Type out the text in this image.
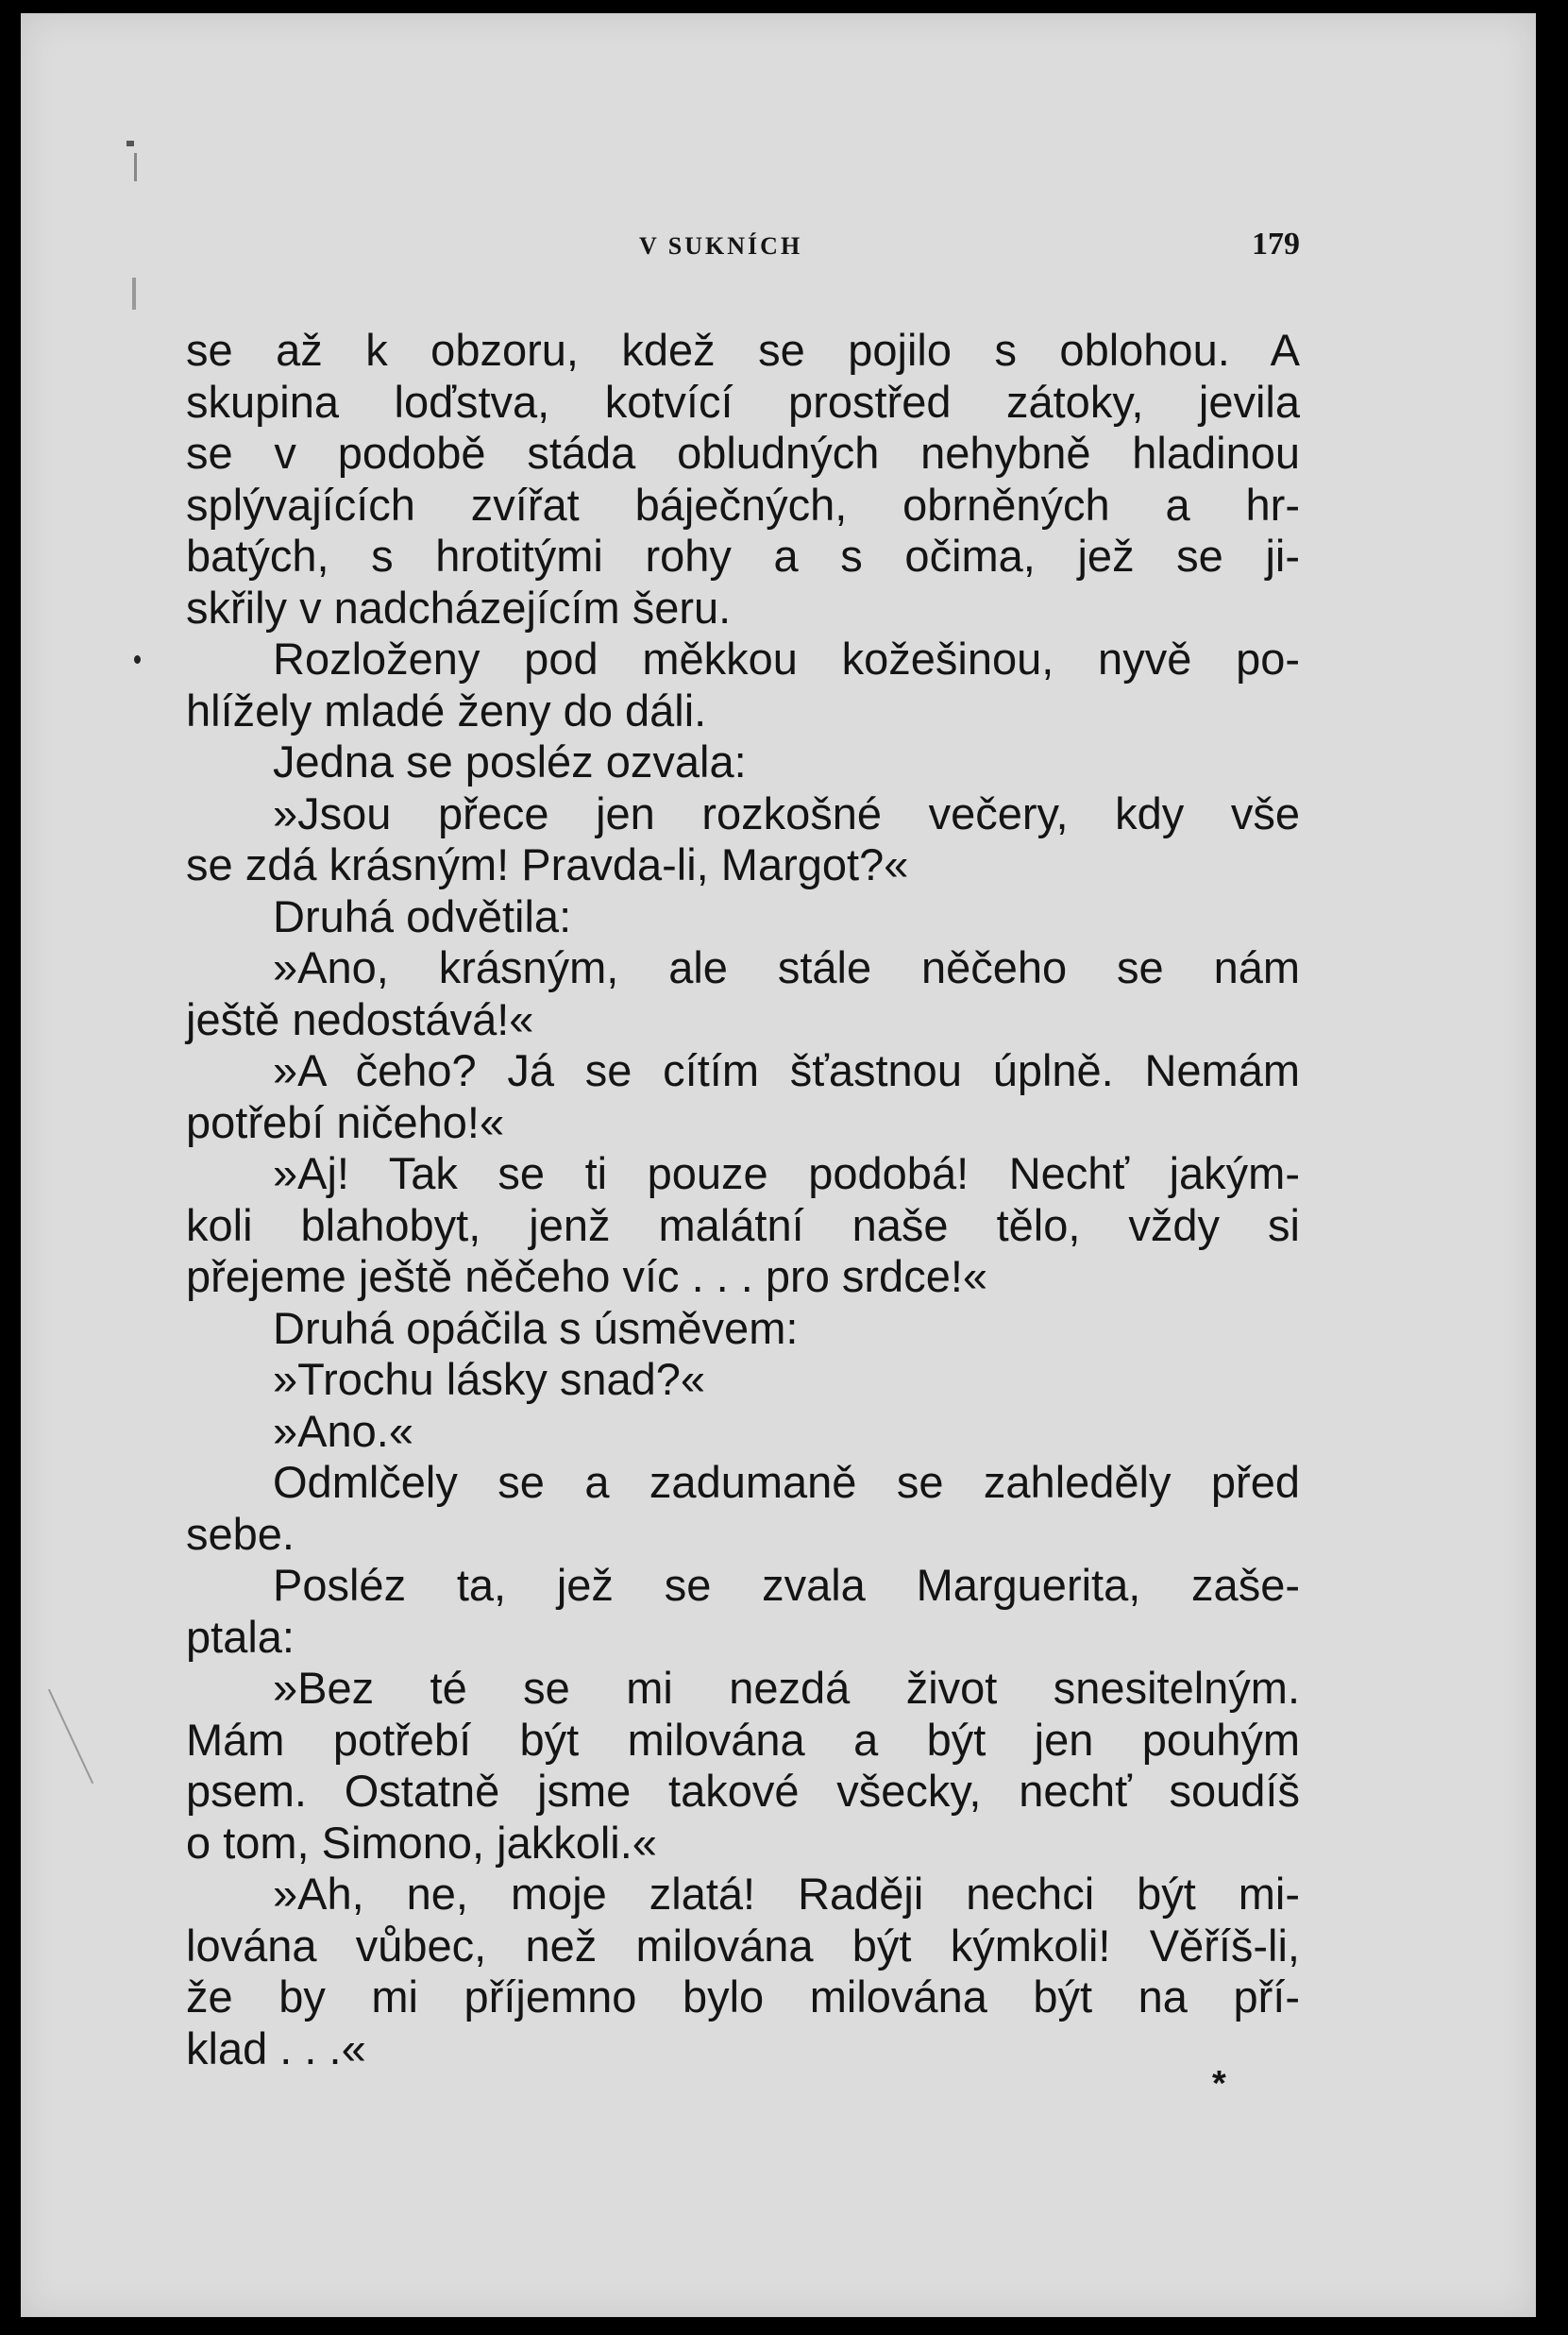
V SUKNÍCH	179
se až k obzoru, kdež se pojilo s oblohou. A
skupina loďstva, kotvící prostřed zátoky, jevila
se v podobě stáda obludných nehybně hladinou
splývajících zvířat báječných, obrněných a hr-
batých, s hrotitými rohy a s očima, jež se ji-
skřily v nadcházejícím šeru.
Rozloženy pod měkkou kožešinou, nyvě po-
hlížely mladé ženy do dáli.
Jedna se posléz ozvala:
»Jsou přece jen rozkošné večery, kdy vše
se zdá krásným! Pravda-li, Margot?«
Druhá odvětila:
»Ano, krásným, ale stále něčeho se nám
ještě nedostává!«
»A čeho? Já se cítím šťastnou úplně. Nemám
potřebí ničeho!«
»Aj! Tak se ti pouze podobá! Nechť jakým-
koli blahobyt, jenž malátní naše tělo, vždy si
přejeme ještě něčeho víc . . . pro srdce!«
Druhá opáčila s úsměvem:
»Trochu lásky snad?«
»Ano.«
Odmlčely se a zadumaně se zahleděly před
sebe.
Posléz ta, jež se zvala Marguerita, zaše-
ptala:
»Bez té se mi nezdá život snesitelným.
Mám potřebí být milována a být jen pouhým
psem. Ostatně jsme takové všecky, nechť soudíš
o tom, Simono, jakkoli.«
»Ah, ne, moje zlatá! Raději nechci být mi-
lována vůbec, než milována být kýmkoli! Věříš-li,
že by mi příjemno bylo milována být na pří-
klad . . .«
*
